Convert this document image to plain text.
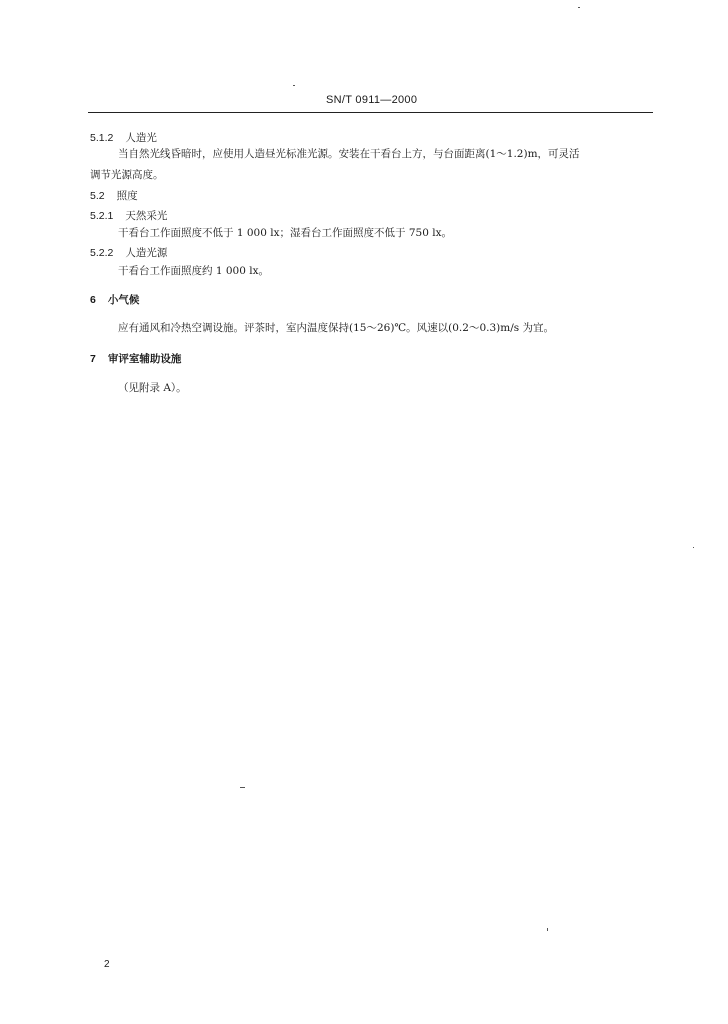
SN/T 0911—2000
5.1.2 人造光
当自然光线昏暗时，应使用人造昼光标准光源。安装在干看台上方，与台面距离(1～1.2)m，可灵活
调节光源高度。
5.2 照度
5.2.1 天然采光
干看台工作面照度不低于 1 000 lx；湿看台工作面照度不低于 750 lx。
5.2.2 人造光源
干看台工作面照度约 1 000 lx。
6 小气候
应有通风和冷热空调设施。评茶时，室内温度保持(15～26)℃。风速以(0.2～0.3)m/s 为宜。
7 审评室辅助设施
（见附录 A）。
2
